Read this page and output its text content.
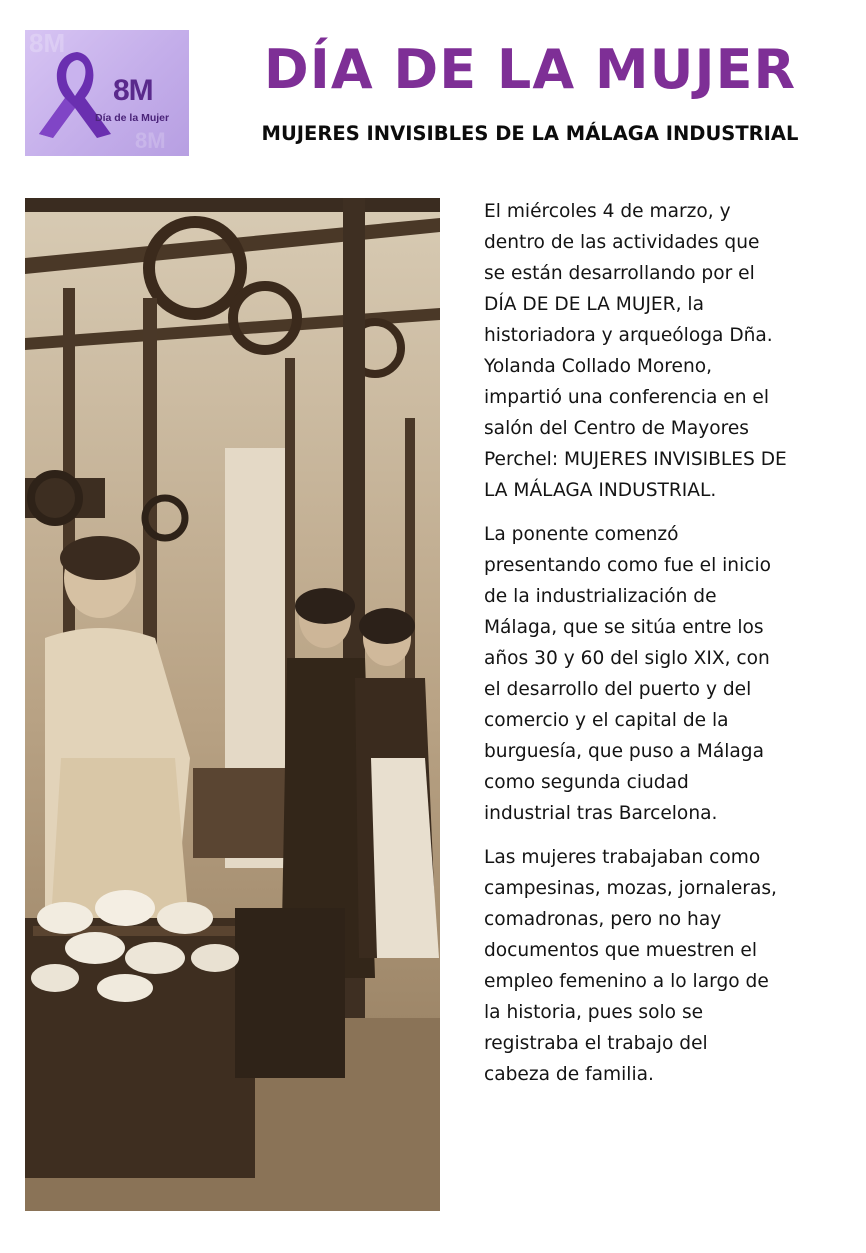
8M
8M
8M
Día de la Mujer
DÍA DE LA MUJER
MUJERES INVISIBLES DE LA MÁLAGA INDUSTRIAL

El miércoles 4 de marzo, y
dentro de las actividades que
se están desarrollando por el
DÍA DE DE LA MUJER, la
historiadora y arqueóloga Dña.
Yolanda Collado Moreno,
impartió una conferencia en el
salón del Centro de Mayores
Perchel: MUJERES INVISIBLES DE
LA MÁLAGA INDUSTRIAL.

La ponente comenzó
presentando como fue el inicio
de la industrialización de
Málaga, que se sitúa entre los
años 30 y 60 del siglo XIX, con
el desarrollo del puerto y del
comercio y el capital de la
burguesía, que puso a Málaga
como segunda ciudad
industrial tras Barcelona.

Las mujeres trabajaban como
campesinas, mozas, jornaleras,
comadronas, pero no hay
documentos que muestren el
empleo femenino a lo largo de
la historia, pues solo se
registraba el trabajo del
cabeza de familia.
